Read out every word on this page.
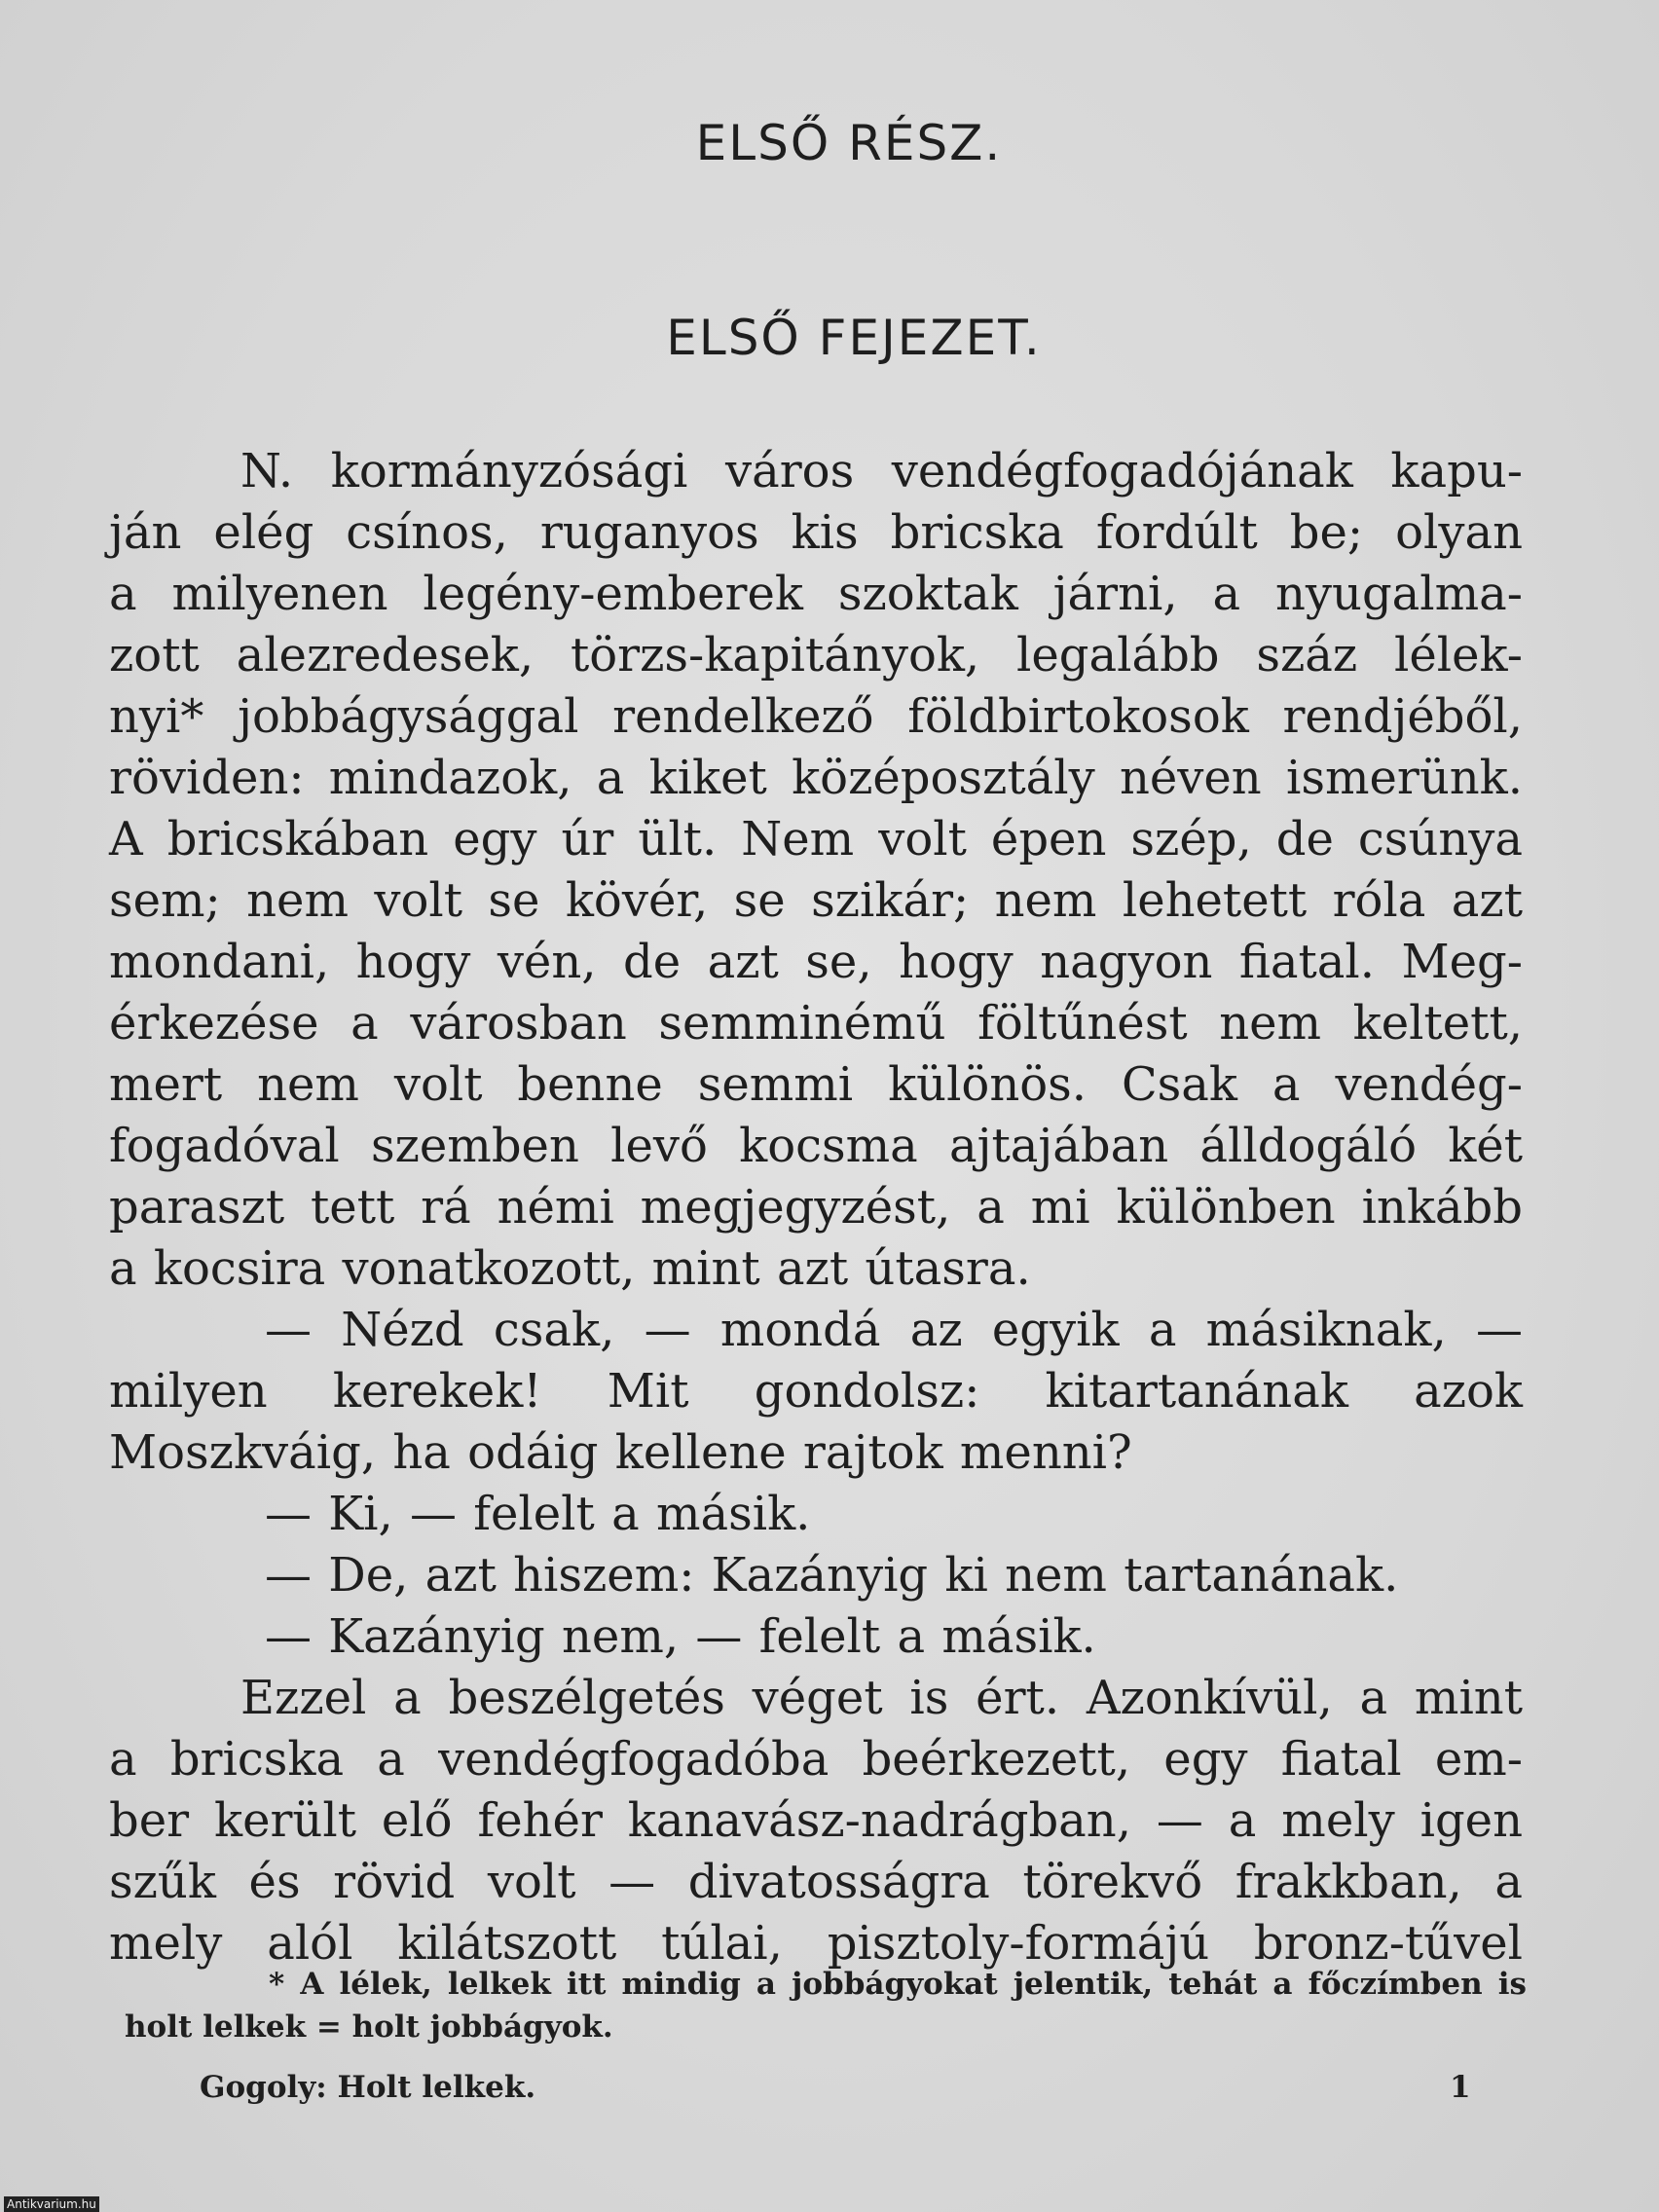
ELSŐ RÉSZ.
ELSŐ FEJEZET.
N. kormányzósági város vendégfogadójának kapu-
ján elég csínos, ruganyos kis bricska fordúlt be; olyan
a milyenen legény-emberek szoktak járni, a nyugalma-
zott alezredesek, törzs-kapitányok, legalább száz lélek-
nyi* jobbágysággal rendelkező földbirtokosok rendjéből,
röviden: mindazok, a kiket középosztály néven ismerünk.
A bricskában egy úr ült. Nem volt épen szép, de csúnya
sem; nem volt se kövér, se szikár; nem lehetett róla azt
mondani, hogy vén, de azt se, hogy nagyon fiatal. Meg-
érkezése a városban semminémű föltűnést nem keltett,
mert nem volt benne semmi különös. Csak a vendég-
fogadóval szemben levő kocsma ajtajában álldogáló két
paraszt tett rá némi megjegyzést, a mi különben inkább
a kocsira vonatkozott, mint azt útasra.
— Nézd csak, — mondá az egyik a másiknak, —
milyen kerekek! Mit gondolsz: kitartanának azok
Moszkváig, ha odáig kellene rajtok menni?
— Ki, — felelt a másik.
— De, azt hiszem: Kazányig ki nem tartanának.
— Kazányig nem, — felelt a másik.
Ezzel a beszélgetés véget is ért. Azonkívül, a mint
a bricska a vendégfogadóba beérkezett, egy fiatal em-
ber került elő fehér kanavász-nadrágban, — a mely igen
szűk és rövid volt — divatosságra törekvő frakkban, a
mely alól kilátszott túlai, pisztoly-formájú bronz-tűvel
* A lélek, lelkek itt mindig a jobbágyokat jelentik, tehát a főczímben is
holt lelkek = holt jobbágyok.
Gogoly: Holt lelkek.	1
Antikvarium.hu
